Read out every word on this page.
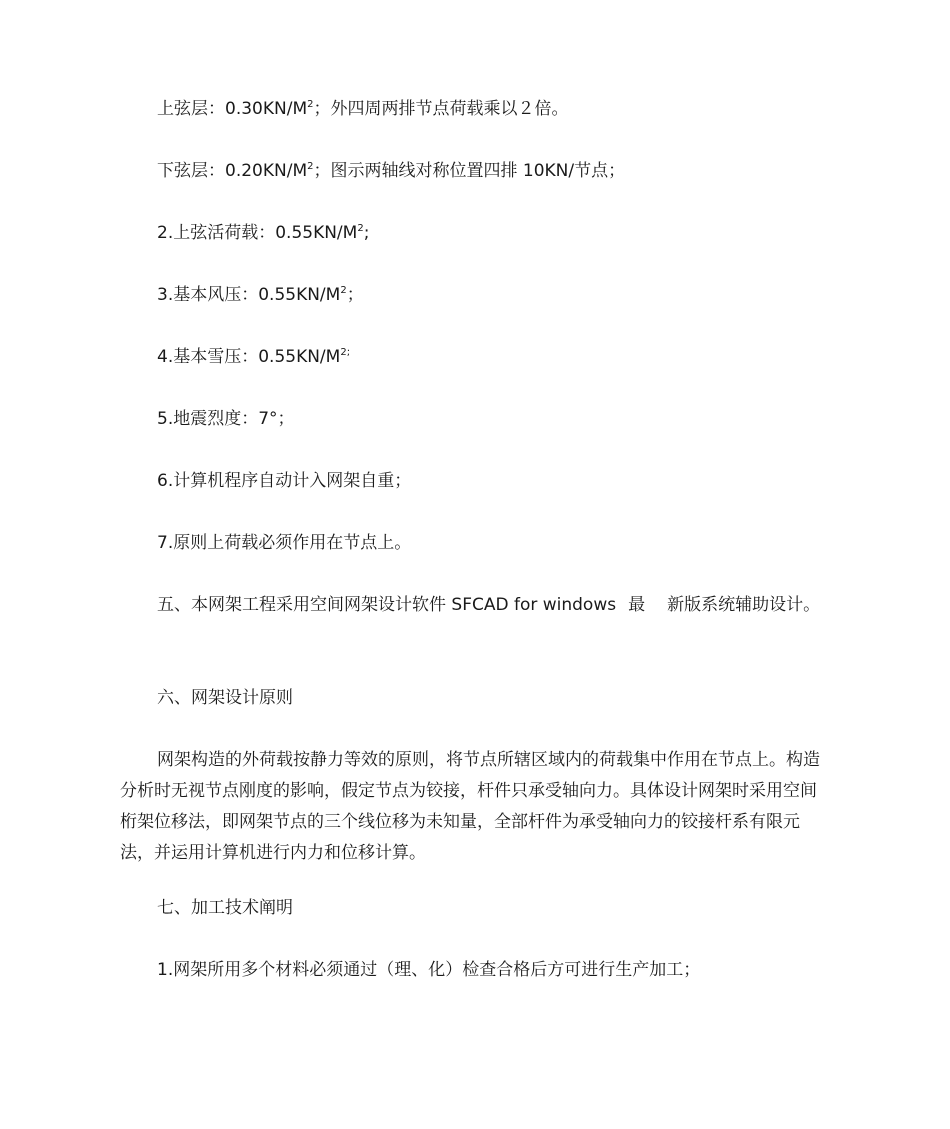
上弦层：$0.30KN/M^2$；外四周两排节点荷载乘以２倍。

下弦层：$0.20KN/M^2$；图示两轴线对称位置四排 10KN/节点；

2.上弦活荷载：$0.55KN/M^2$;

3.基本风压：$0.55KN/M^2$；

4.基本雪压：$0.55KN/M^{2;}$

5.地震烈度：7°；

6.计算机程序自动计入网架自重；

7.原则上荷载必须作用在节点上。

五、本网架工程采用空间网架设计软件 SFCAD for windows 最 新版系统辅助设计。

六、网架设计原则

网架构造的外荷载按静力等效的原则，将节点所辖区域内的荷载集中作用在节点上。构造分析时无视节点刚度的影响，假定节点为铰接，杆件只承受轴向力。具体设计网架时采用空间桁架位移法，即网架节点的三个线位移为未知量，全部杆件为承受轴向力的铰接杆系有限元法，并运用计算机进行内力和位移计算。

七、加工技术阐明

1.网架所用多个材料必须通过（理、化）检查合格后方可进行生产加工；
